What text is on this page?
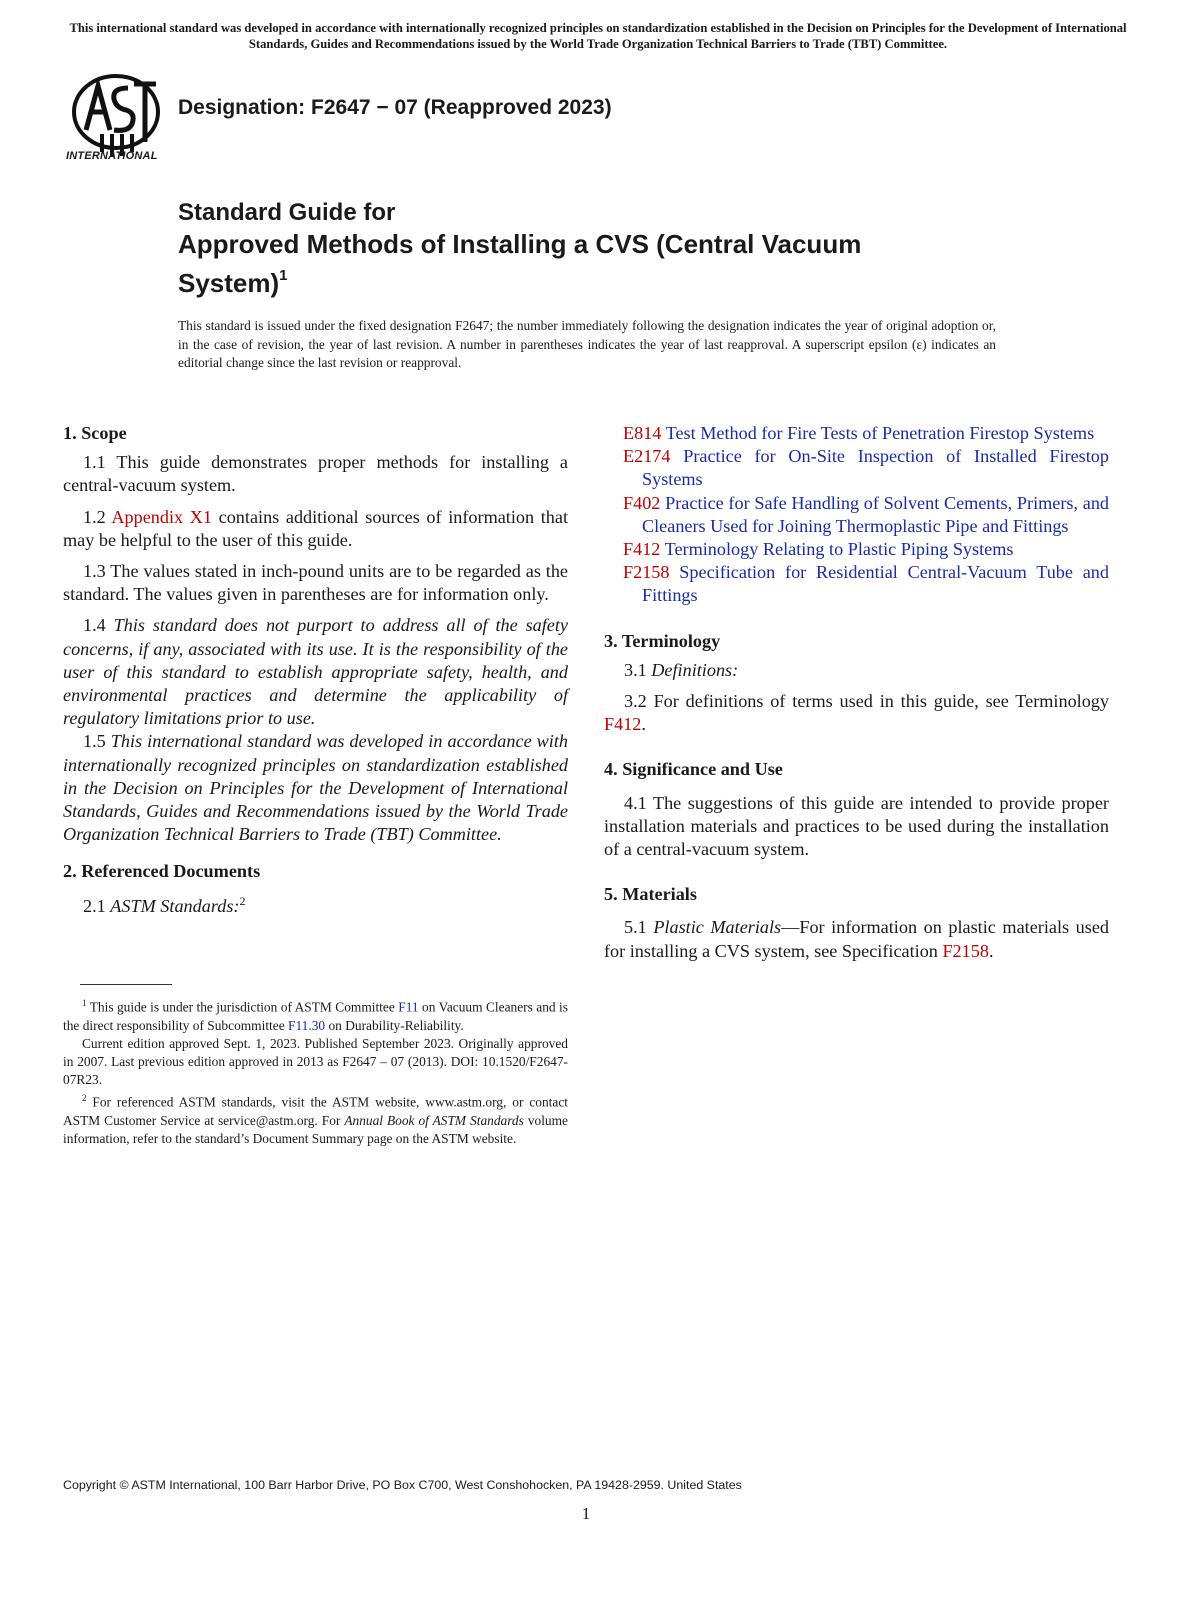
This international standard was developed in accordance with internationally recognized principles on standardization established in the Decision on Principles for the Development of International Standards, Guides and Recommendations issued by the World Trade Organization Technical Barriers to Trade (TBT) Committee.
INTERNATIONAL
Designation: F2647 − 07 (Reapproved 2023)
Standard Guide for
Approved Methods of Installing a CVS (Central Vacuum
System)$^1$
This standard is issued under the fixed designation F2647; the number immediately following the designation indicates the year of original adoption or, in the case of revision, the year of last revision. A number in parentheses indicates the year of last reapproval. A superscript epsilon (ε) indicates an editorial change since the last revision or reapproval.
1. Scope
1.1 This guide demonstrates proper methods for installing a central-vacuum system.
1.2 Appendix X1 contains additional sources of information that may be helpful to the user of this guide.
1.3 The values stated in inch-pound units are to be regarded as the standard. The values given in parentheses are for information only.
1.4 This standard does not purport to address all of the safety concerns, if any, associated with its use. It is the responsibility of the user of this standard to establish appropriate safety, health, and environmental practices and determine the applicability of regulatory limitations prior to use.
1.5 This international standard was developed in accordance with internationally recognized principles on standardization established in the Decision on Principles for the Development of International Standards, Guides and Recommendations issued by the World Trade Organization Technical Barriers to Trade (TBT) Committee.
2. Referenced Documents
2.1 ASTM Standards:$^2$
$^1$ This guide is under the jurisdiction of ASTM Committee F11 on Vacuum Cleaners and is the direct responsibility of Subcommittee F11.30 on Durability-Reliability.
Current edition approved Sept. 1, 2023. Published September 2023. Originally approved in 2007. Last previous edition approved in 2013 as F2647 – 07 (2013). DOI: 10.1520/F2647-07R23.
$^2$ For referenced ASTM standards, visit the ASTM website, www.astm.org, or contact ASTM Customer Service at service@astm.org. For Annual Book of ASTM Standards volume information, refer to the standard’s Document Summary page on the ASTM website.
E814 Test Method for Fire Tests of Penetration Firestop Systems
E2174 Practice for On-Site Inspection of Installed Firestop Systems
F402 Practice for Safe Handling of Solvent Cements, Primers, and Cleaners Used for Joining Thermoplastic Pipe and Fittings
F412 Terminology Relating to Plastic Piping Systems
F2158 Specification for Residential Central-Vacuum Tube and Fittings
3. Terminology
3.1 Definitions:
3.2 For definitions of terms used in this guide, see Terminology F412.
4. Significance and Use
4.1 The suggestions of this guide are intended to provide proper installation materials and practices to be used during the installation of a central-vacuum system.
5. Materials
5.1 Plastic Materials—For information on plastic materials used for installing a CVS system, see Specification F2158.
Copyright © ASTM International, 100 Barr Harbor Drive, PO Box C700, West Conshohocken, PA 19428-2959. United States
1
